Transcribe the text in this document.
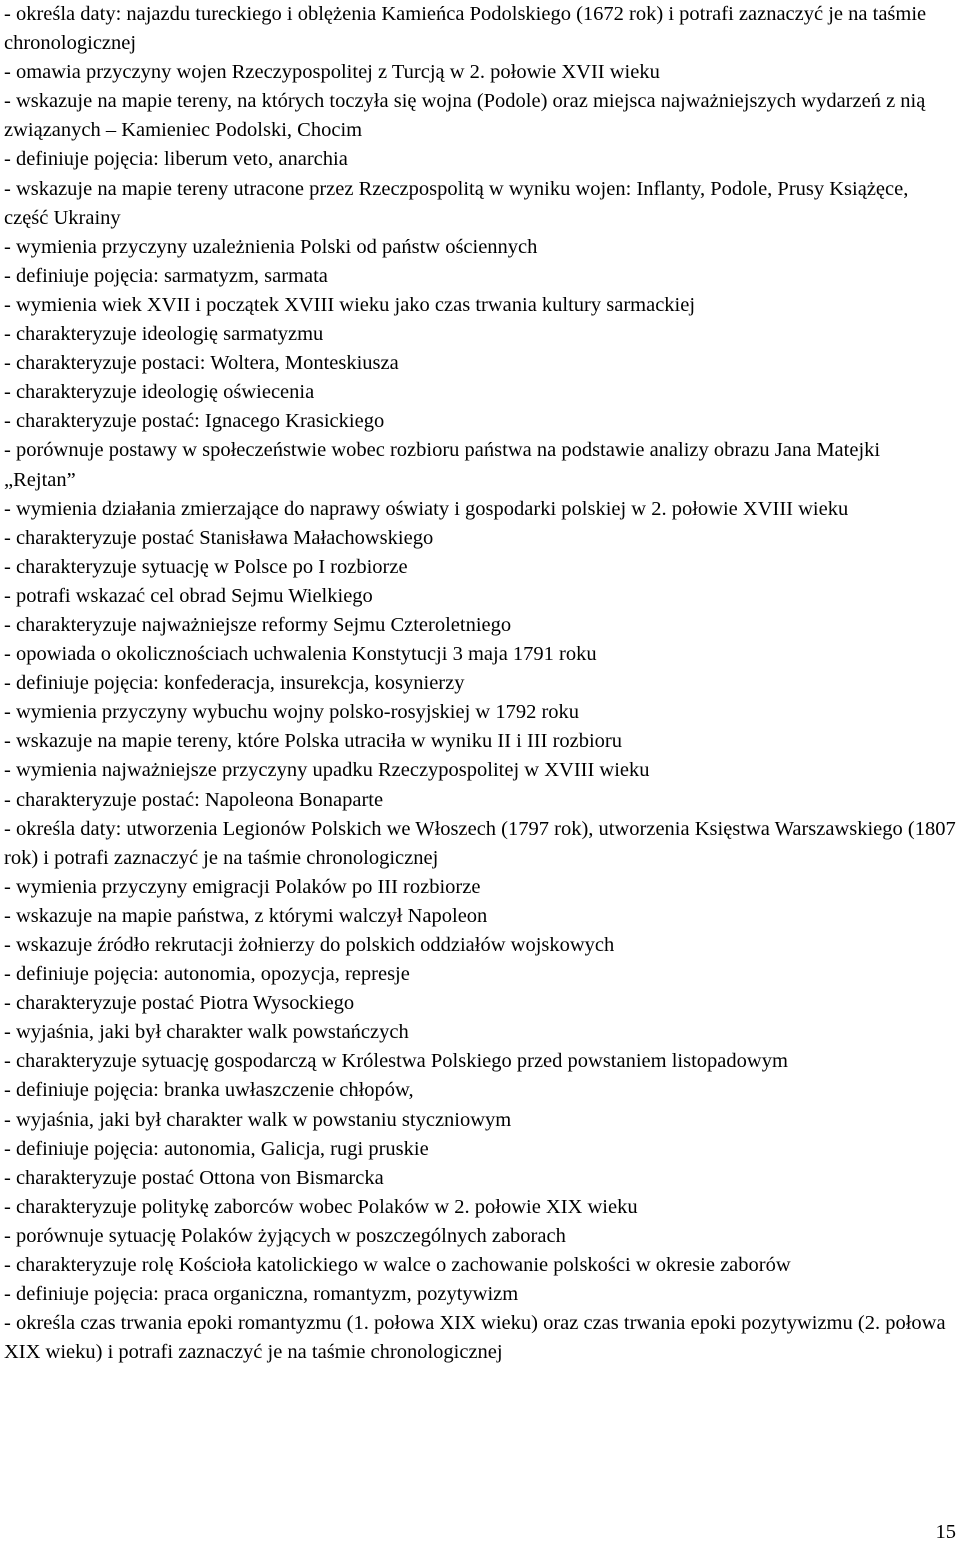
- określa daty: najazdu tureckiego i oblężenia Kamieńca Podolskiego (1672 rok) i potrafi zaznaczyć je na taśmie chronologicznej
- omawia przyczyny wojen Rzeczypospolitej z Turcją w 2. połowie XVII wieku
- wskazuje na mapie tereny, na których toczyła się wojna (Podole) oraz miejsca najważniejszych wydarzeń z nią związanych – Kamieniec Podolski, Chocim
- definiuje pojęcia: liberum veto, anarchia
- wskazuje na mapie tereny utracone przez Rzeczpospolitą w wyniku wojen: Inflanty, Podole, Prusy Książęce, część Ukrainy
- wymienia przyczyny uzależnienia Polski od państw ościennych
- definiuje pojęcia: sarmatyzm, sarmata
- wymienia wiek XVII i początek XVIII wieku jako czas trwania kultury sarmackiej
- charakteryzuje ideologię sarmatyzmu
- charakteryzuje postaci: Woltera, Monteskiusza
- charakteryzuje ideologię oświecenia
- charakteryzuje postać: Ignacego Krasickiego
- porównuje postawy w społeczeństwie wobec rozbioru państwa na podstawie analizy obrazu Jana Matejki „Rejtan”
- wymienia działania zmierzające do naprawy oświaty i gospodarki polskiej w 2. połowie XVIII wieku
- charakteryzuje postać Stanisława Małachowskiego
- charakteryzuje sytuację w Polsce po I rozbiorze
- potrafi wskazać cel obrad Sejmu Wielkiego
- charakteryzuje najważniejsze reformy Sejmu Czteroletniego
- opowiada o okolicznościach uchwalenia Konstytucji 3 maja 1791 roku
- definiuje pojęcia: konfederacja, insurekcja, kosynierzy
- wymienia przyczyny wybuchu wojny polsko-rosyjskiej w 1792 roku
- wskazuje na mapie tereny, które Polska utraciła w wyniku II i III rozbioru
- wymienia najważniejsze przyczyny upadku Rzeczypospolitej w XVIII wieku
- charakteryzuje postać: Napoleona Bonaparte
- określa daty: utworzenia Legionów Polskich we Włoszech (1797 rok), utworzenia Księstwa Warszawskiego (1807 rok) i potrafi zaznaczyć je na taśmie chronologicznej
- wymienia przyczyny emigracji Polaków po III rozbiorze
- wskazuje na mapie państwa, z którymi walczył Napoleon
- wskazuje źródło rekrutacji żołnierzy do polskich oddziałów wojskowych
- definiuje pojęcia: autonomia, opozycja, represje
- charakteryzuje postać Piotra Wysockiego
- wyjaśnia, jaki był charakter walk powstańczych
- charakteryzuje sytuację gospodarczą w Królestwa Polskiego przed powstaniem listopadowym
- definiuje pojęcia: branka uwłaszczenie chłopów,
- wyjaśnia, jaki był charakter walk w powstaniu styczniowym
- definiuje pojęcia: autonomia, Galicja, rugi pruskie
- charakteryzuje postać Ottona von Bismarcka
- charakteryzuje politykę zaborców wobec Polaków w 2. połowie XIX wieku
- porównuje sytuację Polaków żyjących w poszczególnych zaborach
- charakteryzuje rolę Kościoła katolickiego w walce o zachowanie polskości w okresie zaborów
- definiuje pojęcia: praca organiczna, romantyzm, pozytywizm
- określa czas trwania epoki romantyzmu (1. połowa XIX wieku) oraz czas trwania epoki pozytywizmu (2. połowa XIX wieku) i potrafi zaznaczyć je na taśmie chronologicznej
15
